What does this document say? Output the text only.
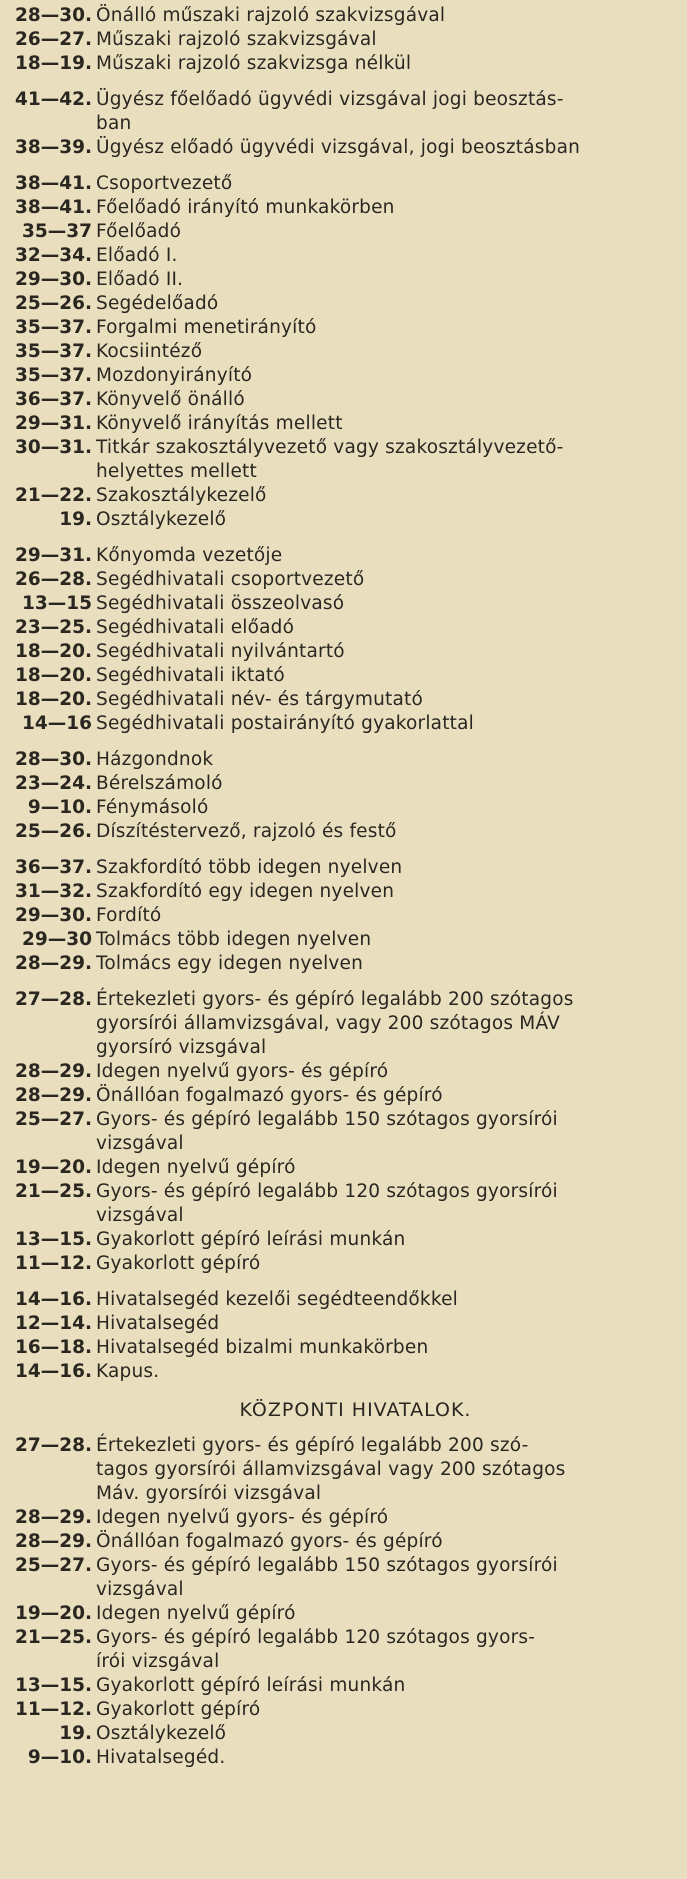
28—30. Önálló műszaki rajzoló szakvizsgával
26—27. Műszaki rajzoló szakvizsgával
18—19. Műszaki rajzoló szakvizsga nélkül
41—42. Ügyész főelőadó ügyvédi vizsgával jogi beosztás-
ban
38—39. Ügyész előadó ügyvédi vizsgával, jogi beosztásban
38—41. Csoportvezető
38—41. Főelőadó irányító munkakörben
35—37 Főelőadó
32—34. Előadó I.
29—30. Előadó II.
25—26. Segédelőadó
35—37. Forgalmi menetirányító
35—37. Kocsiintéző
35—37. Mozdonyirányító
36—37. Könyvelő önálló
29—31. Könyvelő irányítás mellett
30—31. Titkár szakosztályvezető vagy szakosztályvezető-
helyettes mellett
21—22. Szakosztálykezelő
19. Osztálykezelő
29—31. Kőnyomda vezetője
26—28. Segédhivatali csoportvezető
13—15 Segédhivatali összeolvasó
23—25. Segédhivatali előadó
18—20. Segédhivatali nyilvántartó
18—20. Segédhivatali iktató
18—20. Segédhivatali név- és tárgymutató
14—16 Segédhivatali postairányító gyakorlattal
28—30. Házgondnok
23—24. Bérelszámoló
9—10. Fénymásoló
25—26. Díszítéstervező, rajzoló és festő
36—37. Szakfordító több idegen nyelven
31—32. Szakfordító egy idegen nyelven
29—30. Fordító
29—30 Tolmács több idegen nyelven
28—29. Tolmács egy idegen nyelven
27—28. Értekezleti gyors- és gépíró legalább 200 szótagos
gyorsírói államvizsgával, vagy 200 szótagos MÁV
gyorsíró vizsgával
28—29. Idegen nyelvű gyors- és gépíró
28—29. Önállóan fogalmazó gyors- és gépíró
25—27. Gyors- és gépíró legalább 150 szótagos gyorsírói
vizsgával
19—20. Idegen nyelvű gépíró
21—25. Gyors- és gépíró legalább 120 szótagos gyorsírói
vizsgával
13—15. Gyakorlott gépíró leírási munkán
11—12. Gyakorlott gépíró
14—16. Hivatalsegéd kezelői segédteendőkkel
12—14. Hivatalsegéd
16—18. Hivatalsegéd bizalmi munkakörben
14—16. Kapus.
KÖZPONTI HIVATALOK.
27—28. Értekezleti gyors- és gépíró legalább 200 szó-
tagos gyorsírói államvizsgával vagy 200 szótagos
Máv. gyorsírói vizsgával
28—29. Idegen nyelvű gyors- és gépíró
28—29. Önállóan fogalmazó gyors- és gépíró
25—27. Gyors- és gépíró legalább 150 szótagos gyorsírói
vizsgával
19—20. Idegen nyelvű gépíró
21—25. Gyors- és gépíró legalább 120 szótagos gyors-
írói vizsgával
13—15. Gyakorlott gépíró leírási munkán
11—12. Gyakorlott gépíró
19. Osztálykezelő
9—10. Hivatalsegéd.
